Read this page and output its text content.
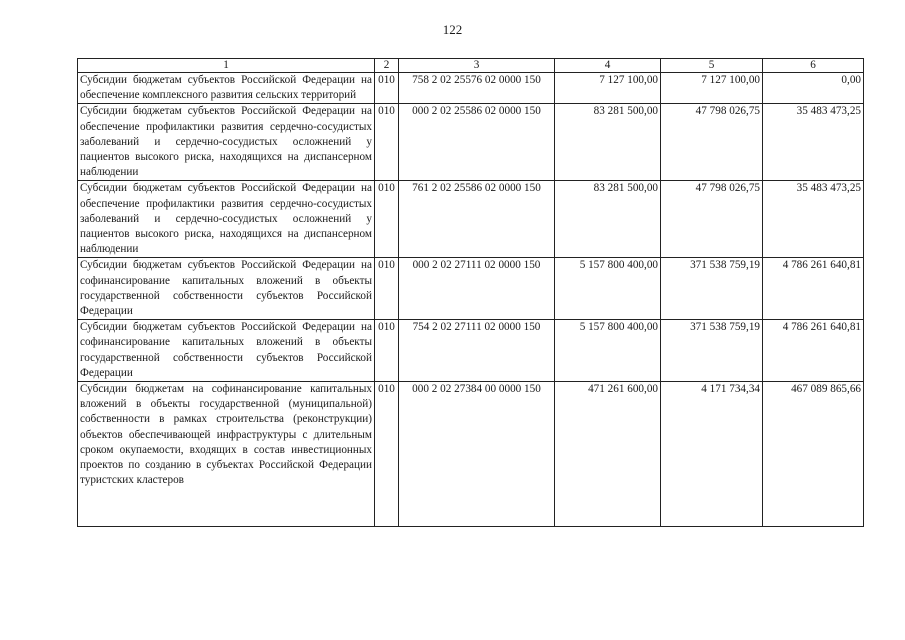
122
1	2	3	4	5	6
Субсидии бюджетам субъектов Российской Федерации на обеспечение комплексного развития сельских территорий	010	758 2 02 25576 02 0000 150	7 127 100,00	7 127 100,00	0,00
Субсидии бюджетам субъектов Российской Федерации на обеспечение профилактики развития сердечно-сосудистых заболеваний и сердечно-сосудистых осложнений у пациентов высокого риска, находящихся на диспансерном наблюдении	010	000 2 02 25586 02 0000 150	83 281 500,00	47 798 026,75	35 483 473,25
Субсидии бюджетам субъектов Российской Федерации на обеспечение профилактики развития сердечно-сосудистых заболеваний и сердечно-сосудистых осложнений у пациентов высокого риска, находящихся на диспансерном наблюдении	010	761 2 02 25586 02 0000 150	83 281 500,00	47 798 026,75	35 483 473,25
Субсидии бюджетам субъектов Российской Федерации на софинансирование капитальных вложений в объекты государственной собственности субъектов Российской Федерации	010	000 2 02 27111 02 0000 150	5 157 800 400,00	371 538 759,19	4 786 261 640,81
Субсидии бюджетам субъектов Российской Федерации на софинансирование капитальных вложений в объекты государственной собственности субъектов Российской Федерации	010	754 2 02 27111 02 0000 150	5 157 800 400,00	371 538 759,19	4 786 261 640,81
Субсидии бюджетам на софинансирование капитальных вложений в объекты государственной (муниципальной) собственности в рамках строительства (реконструкции) объектов обеспечивающей инфраструктуры с длительным сроком окупаемости, входящих в состав инвестиционных проектов по созданию в субъектах Российской Федерации туристских кластеров	010	000 2 02 27384 00 0000 150	471 261 600,00	4 171 734,34	467 089 865,66
